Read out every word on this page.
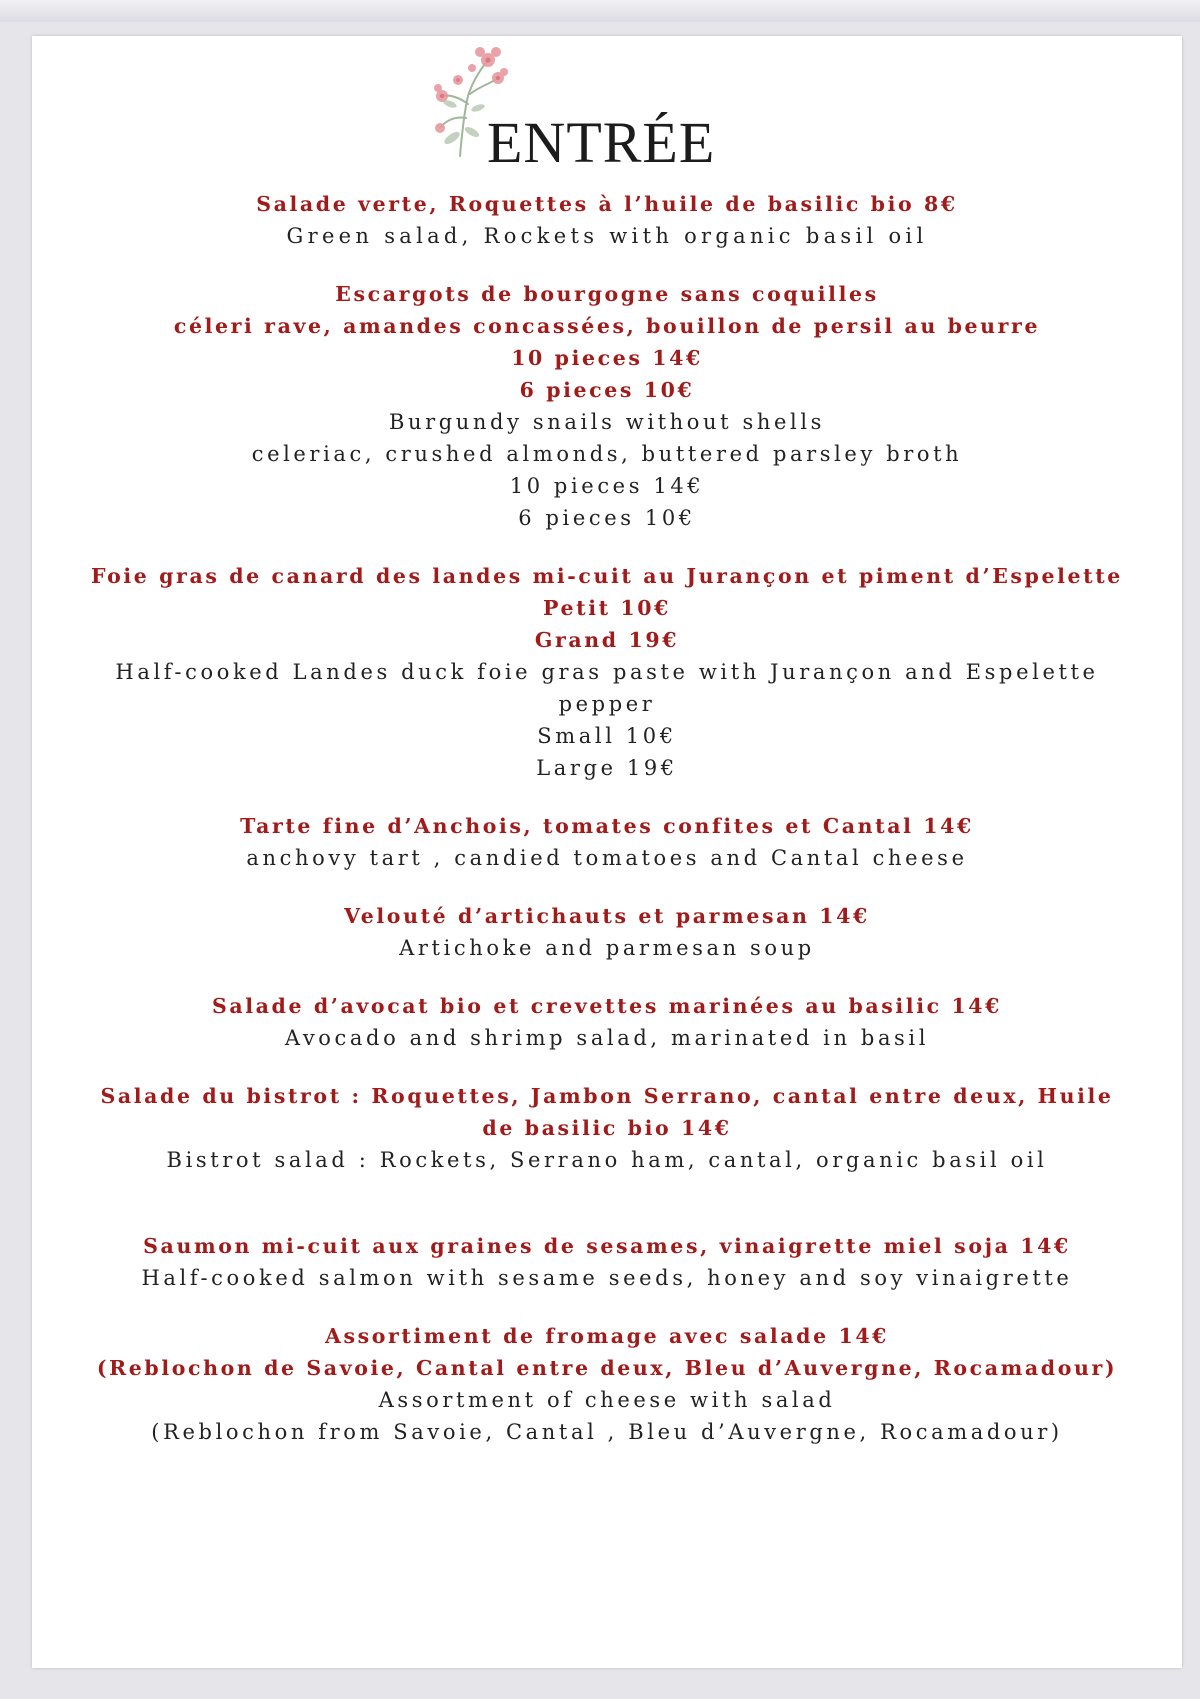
ENTRÉE
Salade verte, Roquettes à l’huile de basilic bio 8€
Green salad, Rockets with organic basil oil
Escargots de bourgogne sans coquilles
céleri rave, amandes concassées, bouillon de persil au beurre
10 pieces 14€
6 pieces 10€
Burgundy snails without shells
celeriac, crushed almonds, buttered parsley broth
10 pieces 14€
6 pieces 10€
Foie gras de canard des landes mi-cuit au Jurançon et piment d’Espelette
Petit 10€
Grand 19€
Half-cooked Landes duck foie gras paste with Jurançon and Espelette
pepper
Small 10€
Large 19€
Tarte fine d’Anchois, tomates confites et Cantal 14€
anchovy tart , candied tomatoes and Cantal cheese
Velouté d’artichauts et parmesan 14€
Artichoke and parmesan soup
Salade d’avocat bio et crevettes marinées au basilic 14€
Avocado and shrimp salad, marinated in basil
Salade du bistrot : Roquettes, Jambon Serrano, cantal entre deux, Huile
de basilic bio 14€
Bistrot salad : Rockets, Serrano ham, cantal, organic basil oil
Saumon mi-cuit aux graines de sesames, vinaigrette miel soja 14€
Half-cooked salmon with sesame seeds, honey and soy vinaigrette
Assortiment de fromage avec salade 14€
(Reblochon de Savoie, Cantal entre deux, Bleu d’Auvergne, Rocamadour)
Assortment of cheese with salad
(Reblochon from Savoie, Cantal , Bleu d’Auvergne, Rocamadour)
